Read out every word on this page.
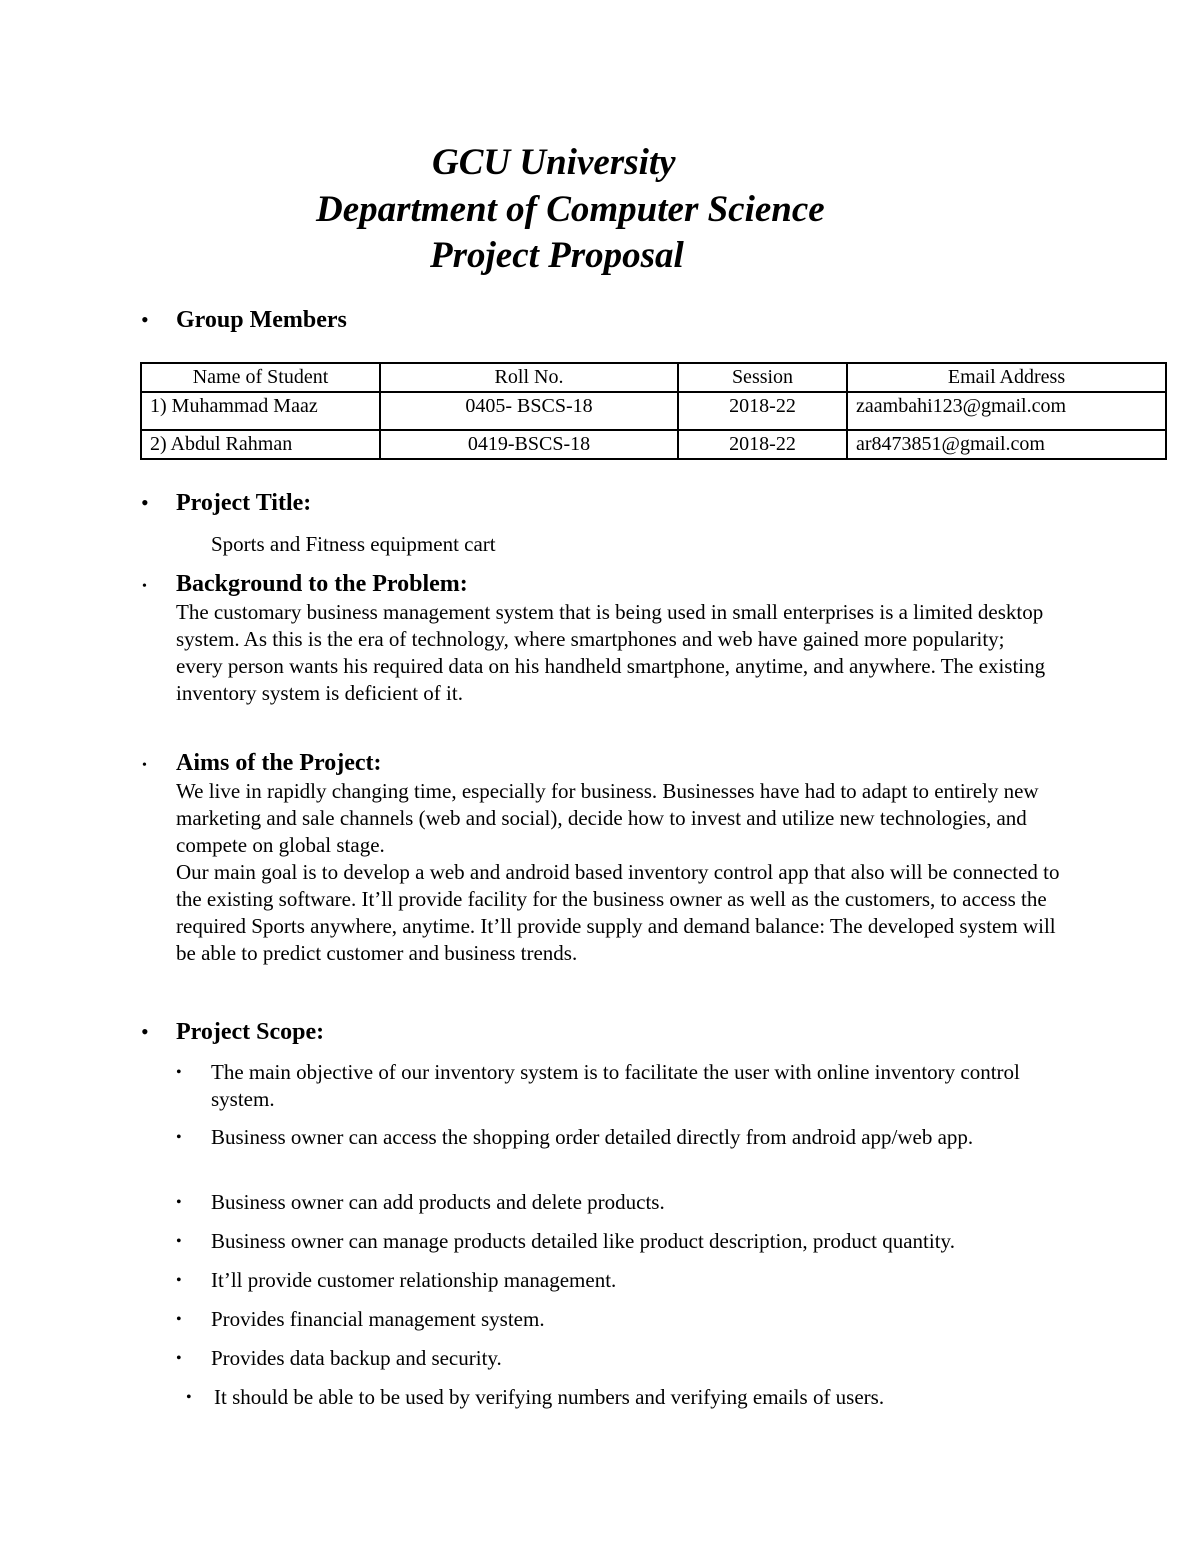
GCU University
Department of Computer Science
Project Proposal
• Group Members
Name of Student	Roll No.	Session	Email Address
1) Muhammad Maaz	0405- BSCS-18	2018-22	zaambahi123@gmail.com
2) Abdul Rahman	0419-BSCS-18	2018-22	ar8473851@gmail.com
• Project Title:
Sports and Fitness equipment cart
• Background to the Problem:

The customary business management system that is being used in small enterprises is a limited desktop system. As this is the era of technology, where smartphones and web have gained more popularity; every person wants his required data on his handheld smartphone, anytime, and anywhere. The existing inventory system is deficient of it.

• Aims of the Project:

We live in rapidly changing time, especially for business. Businesses have had to adapt to entirely new marketing and sale channels (web and social), decide how to invest and utilize new technologies, and compete on global stage.

Our main goal is to develop a web and android based inventory control app that also will be connected to the existing software. It’ll provide facility for the business owner as well as the customers, to access the required Sports anywhere, anytime. It’ll provide supply and demand balance: The developed system will be able to predict customer and business trends.

• Project Scope:
• The main objective of our inventory system is to facilitate the user with online inventory control system.
• Business owner can access the shopping order detailed directly from android app/web app.
• Business owner can add products and delete products.
• Business owner can manage products detailed like product description, product quantity.
• It’ll provide customer relationship management.
• Provides financial management system.
• Provides data backup and security.
• It should be able to be used by verifying numbers and verifying emails of users.
